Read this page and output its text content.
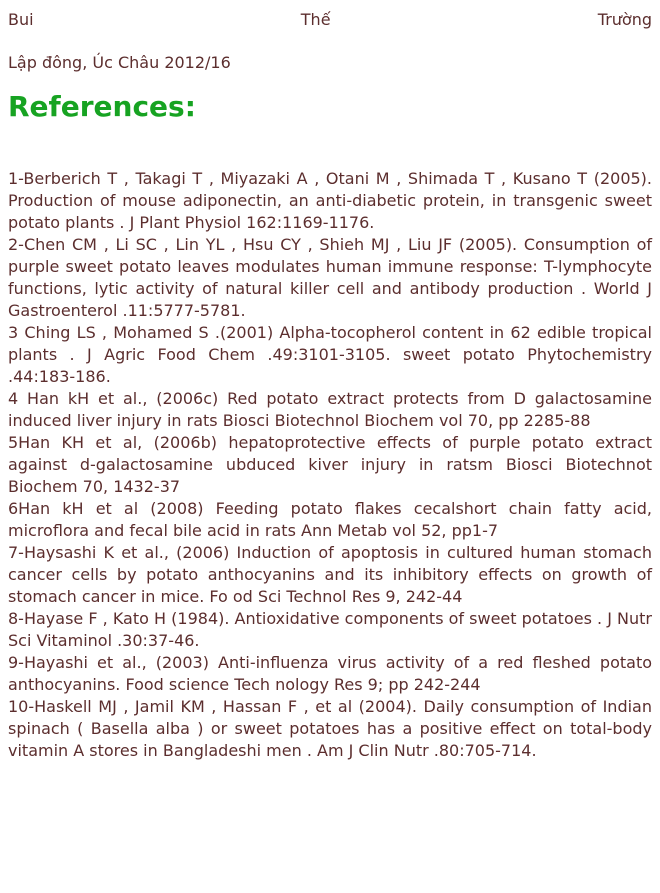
Bui	Thế	Trường

Lập đông, Úc Châu 2012/16

References:

1-Berberich T , Takagi T , Miyazaki A , Otani M , Shimada T , Kusano T (2005). Production of mouse adiponectin, an anti-diabetic protein, in transgenic sweet potato plants . J Plant Physiol 162:1169-1176.

2-Chen CM , Li SC , Lin YL , Hsu CY , Shieh MJ , Liu JF (2005). Consumption of purple sweet potato leaves modulates human immune response: T-lymphocyte functions, lytic activity of natural killer cell and antibody production . World J Gastroenterol .11:5777-5781.

3 Ching LS , Mohamed S .(2001) Alpha-tocopherol content in 62 edible tropical plants . J Agric Food Chem .49:3101-3105. sweet potato Phytochemistry .44:183-186.

4 Han kH et al., (2006c) Red potato extract protects from D galactosamine induced liver injury in rats Biosci Biotechnol Biochem vol 70, pp 2285-88

5Han KH et al, (2006b) hepatoprotective effects of purple potato extract against d-galactosamine ubduced kiver injury in ratsm Biosci Biotechnot Biochem 70, 1432-37

6Han kH et al (2008) Feeding potato flakes cecalshort chain fatty acid, microflora and fecal bile acid in rats Ann Metab vol 52, pp1-7

7-Haysashi K et al., (2006) Induction of apoptosis in cultured human stomach cancer cells by potato anthocyanins and its inhibitory effects on growth of stomach cancer in mice. Fo od Sci Technol Res 9, 242-44

8-Hayase F , Kato H (1984). Antioxidative components of sweet potatoes . J Nutr Sci Vitaminol .30:37-46.

9-Hayashi et al., (2003) Anti-influenza virus activity of a red fleshed potato anthocyanins. Food science Tech nology Res 9; pp 242-244

10-Haskell MJ , Jamil KM , Hassan F , et al (2004). Daily consumption of Indian spinach ( Basella alba ) or sweet potatoes has a positive effect on total-body vitamin A stores in Bangladeshi men . Am J Clin Nutr .80:705-714.
